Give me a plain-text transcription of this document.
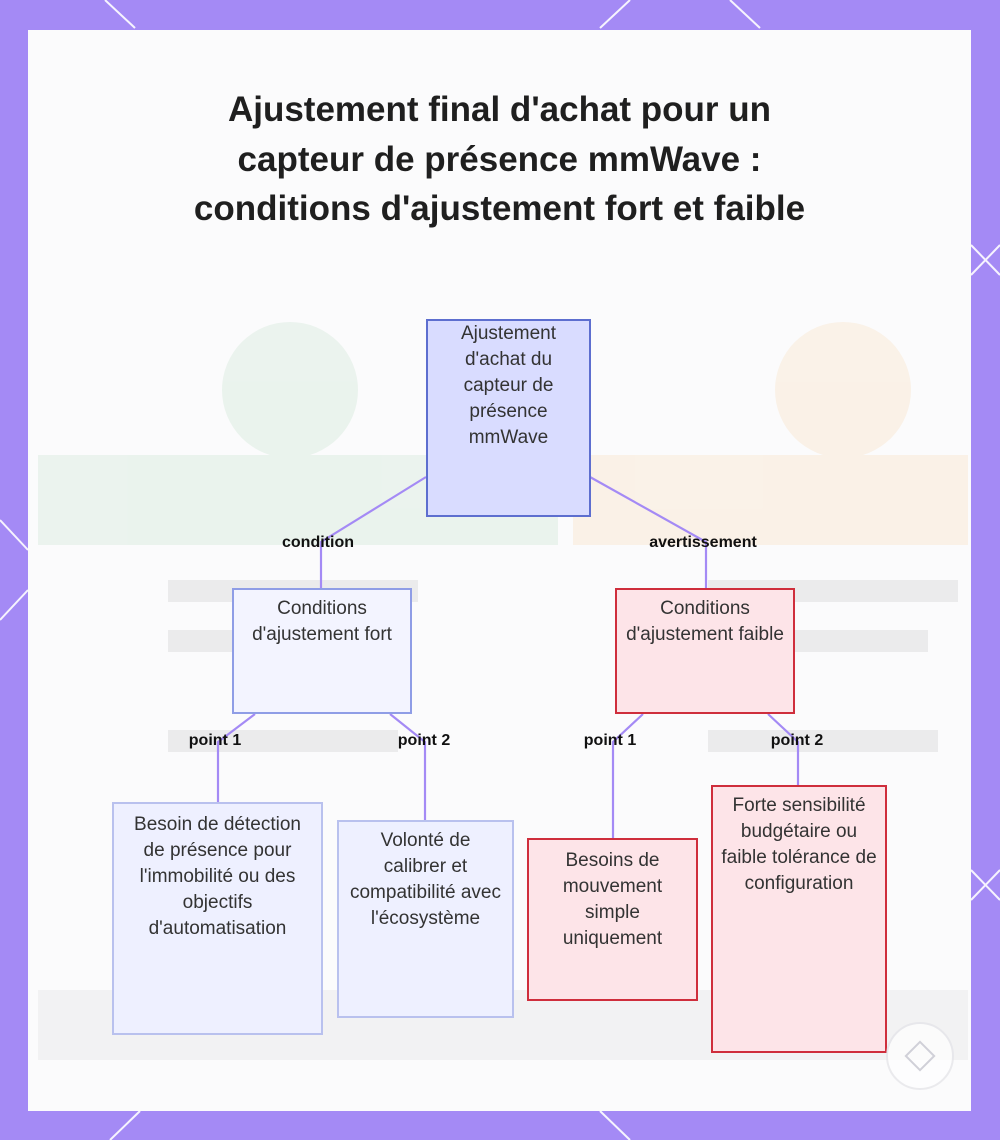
Ajustement final d'achat pour un capteur de présence mmWave : conditions d'ajustement fort et faible
condition	avertissement
point 1	point 2	point 1	point 2
Ajustement d'achat du capteur de présence mmWave
Conditions d'ajustement fort
Conditions d'ajustement faible
Besoin de détection de présence pour l'immobilité ou des objectifs d'automatisation
Volonté de calibrer et compatibilité avec l'écosystème
Besoins de mouvement simple uniquement
Forte sensibilité budgétaire ou faible tolérance de configuration
